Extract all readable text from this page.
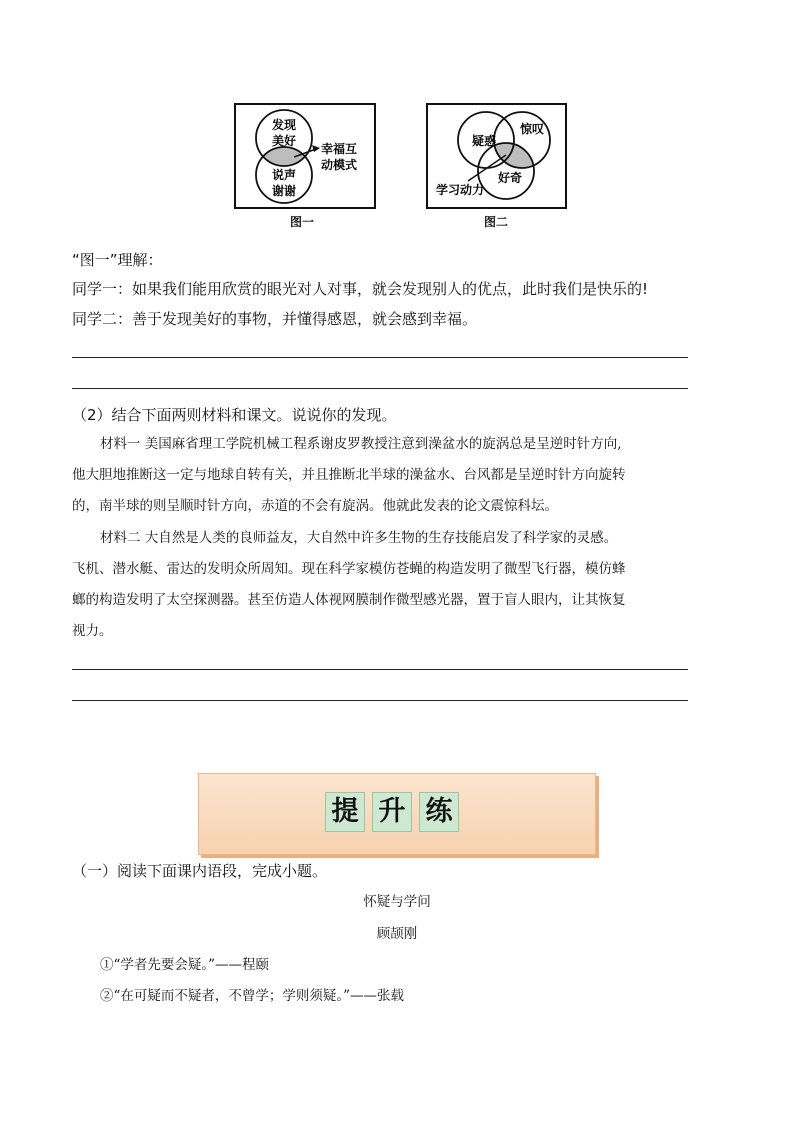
发现
美好
说声
谢谢
幸福互
动模式
图一
疑惑
惊叹
好奇
学习动力
图二
“图一”理解：
同学一：如果我们能用欣赏的眼光对人对事，就会发现别人的优点，此时我们是快乐的!
同学二：善于发现美好的事物，并懂得感恩，就会感到幸福。
（2）结合下面两则材料和课文。说说你的发现。
材料一 美国麻省理工学院机械工程系谢皮罗教授注意到澡盆水的旋涡总是呈逆时针方向,
他大胆地推断这一定与地球自转有关，并且推断北半球的澡盆水、台风都是呈逆时针方向旋转
的，南半球的则呈顺时针方向，赤道的不会有旋涡。他就此发表的论文震惊科坛。
材料二 大自然是人类的良师益友，大自然中许多生物的生存技能启发了科学家的灵感。
飞机、潜水艇、雷达的发明众所周知。现在科学家模仿苍蝇的构造发明了微型飞行器，模仿蜂
螂的构造发明了太空探测器。甚至仿造人体视网膜制作微型感光器，置于盲人眼内，让其恢复
视力。
提 升 练
（一）阅读下面课内语段，完成小题。
怀疑与学问
顾颉刚
①“学者先要会疑。”——程颐
②“在可疑而不疑者，不曾学；学则须疑。”——张载
